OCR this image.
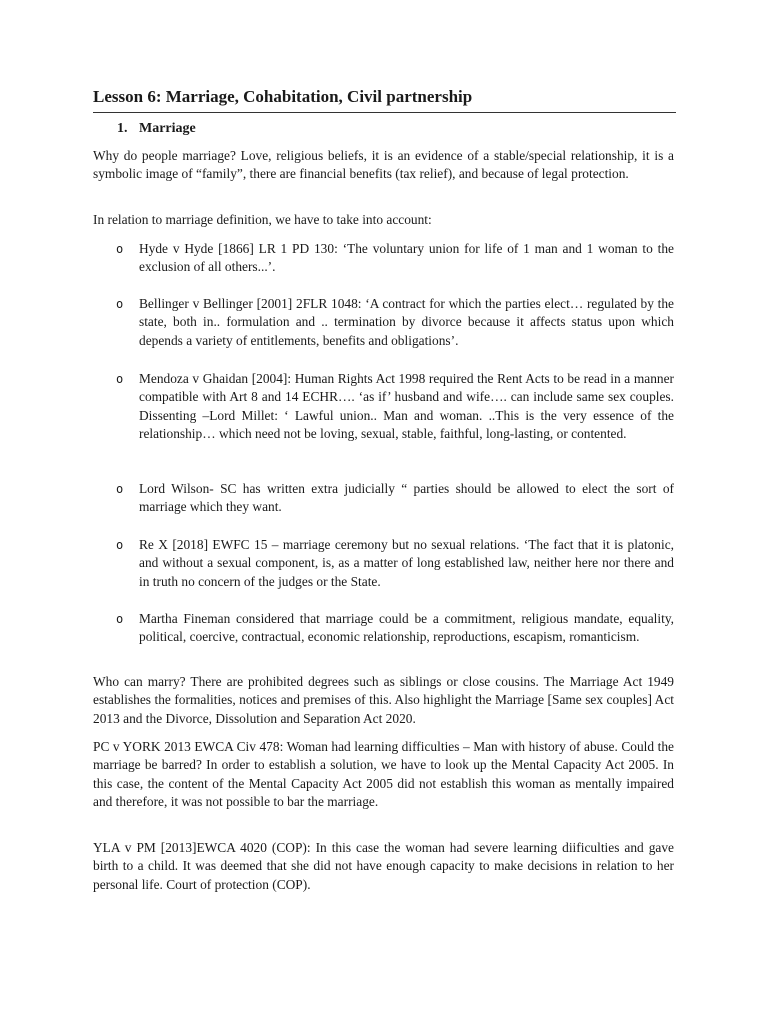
Lesson 6: Marriage, Cohabitation, Civil partnership
1. Marriage

Why do people marriage? Love, religious beliefs, it is an evidence of a stable/special relationship, it is a symbolic image of “family”, there are financial benefits (tax relief), and because of legal protection.

In relation to marriage definition, we have to take into account:

o	Hyde v Hyde [1866] LR 1 PD 130: ‘The voluntary union for life of 1 man and 1 woman to the exclusion of all others...’.
o	Bellinger v Bellinger [2001] 2FLR 1048: ‘A contract for which the parties elect… regulated by the state, both in.. formulation and .. termination by divorce because it affects status upon which depends a variety of entitlements, benefits and obligations’.
o	Mendoza v Ghaidan [2004]: Human Rights Act 1998 required the Rent Acts to be read in a manner compatible with Art 8 and 14 ECHR…. ‘as if’ husband and wife…. can include same sex couples. Dissenting –Lord Millet: ‘ Lawful union.. Man and woman. ..This is the very essence of the relationship… which need not be loving, sexual, stable, faithful, long-lasting, or contented.
o	Lord Wilson- SC has written extra judicially “ parties should be allowed to elect the sort of marriage which they want.
o	Re X [2018] EWFC 15 – marriage ceremony but no sexual relations. ‘The fact that it is platonic, and without a sexual component, is, as a matter of long established law, neither here nor there and in truth no concern of the judges or the State.
o	Martha Fineman considered that marriage could be a commitment, religious mandate, equality, political, coercive, contractual, economic relationship, reproductions, escapism, romanticism.

Who can marry? There are prohibited degrees such as siblings or close cousins. The Marriage Act 1949 establishes the formalities, notices and premises of this. Also highlight the Marriage [Same sex couples] Act 2013 and the Divorce, Dissolution and Separation Act 2020.

PC v YORK 2013 EWCA Civ 478: Woman had learning difficulties – Man with history of abuse. Could the marriage be barred? In order to establish a solution, we have to look up the Mental Capacity Act 2005. In this case, the content of the Mental Capacity Act 2005 did not establish this woman as mentally impaired and therefore, it was not possible to bar the marriage.

YLA v PM [2013]EWCA 4020 (COP): In this case the woman had severe learning diificulties and gave birth to a child. It was deemed that she did not have enough capacity to make decisions in relation to her personal life. Court of protection (COP).
